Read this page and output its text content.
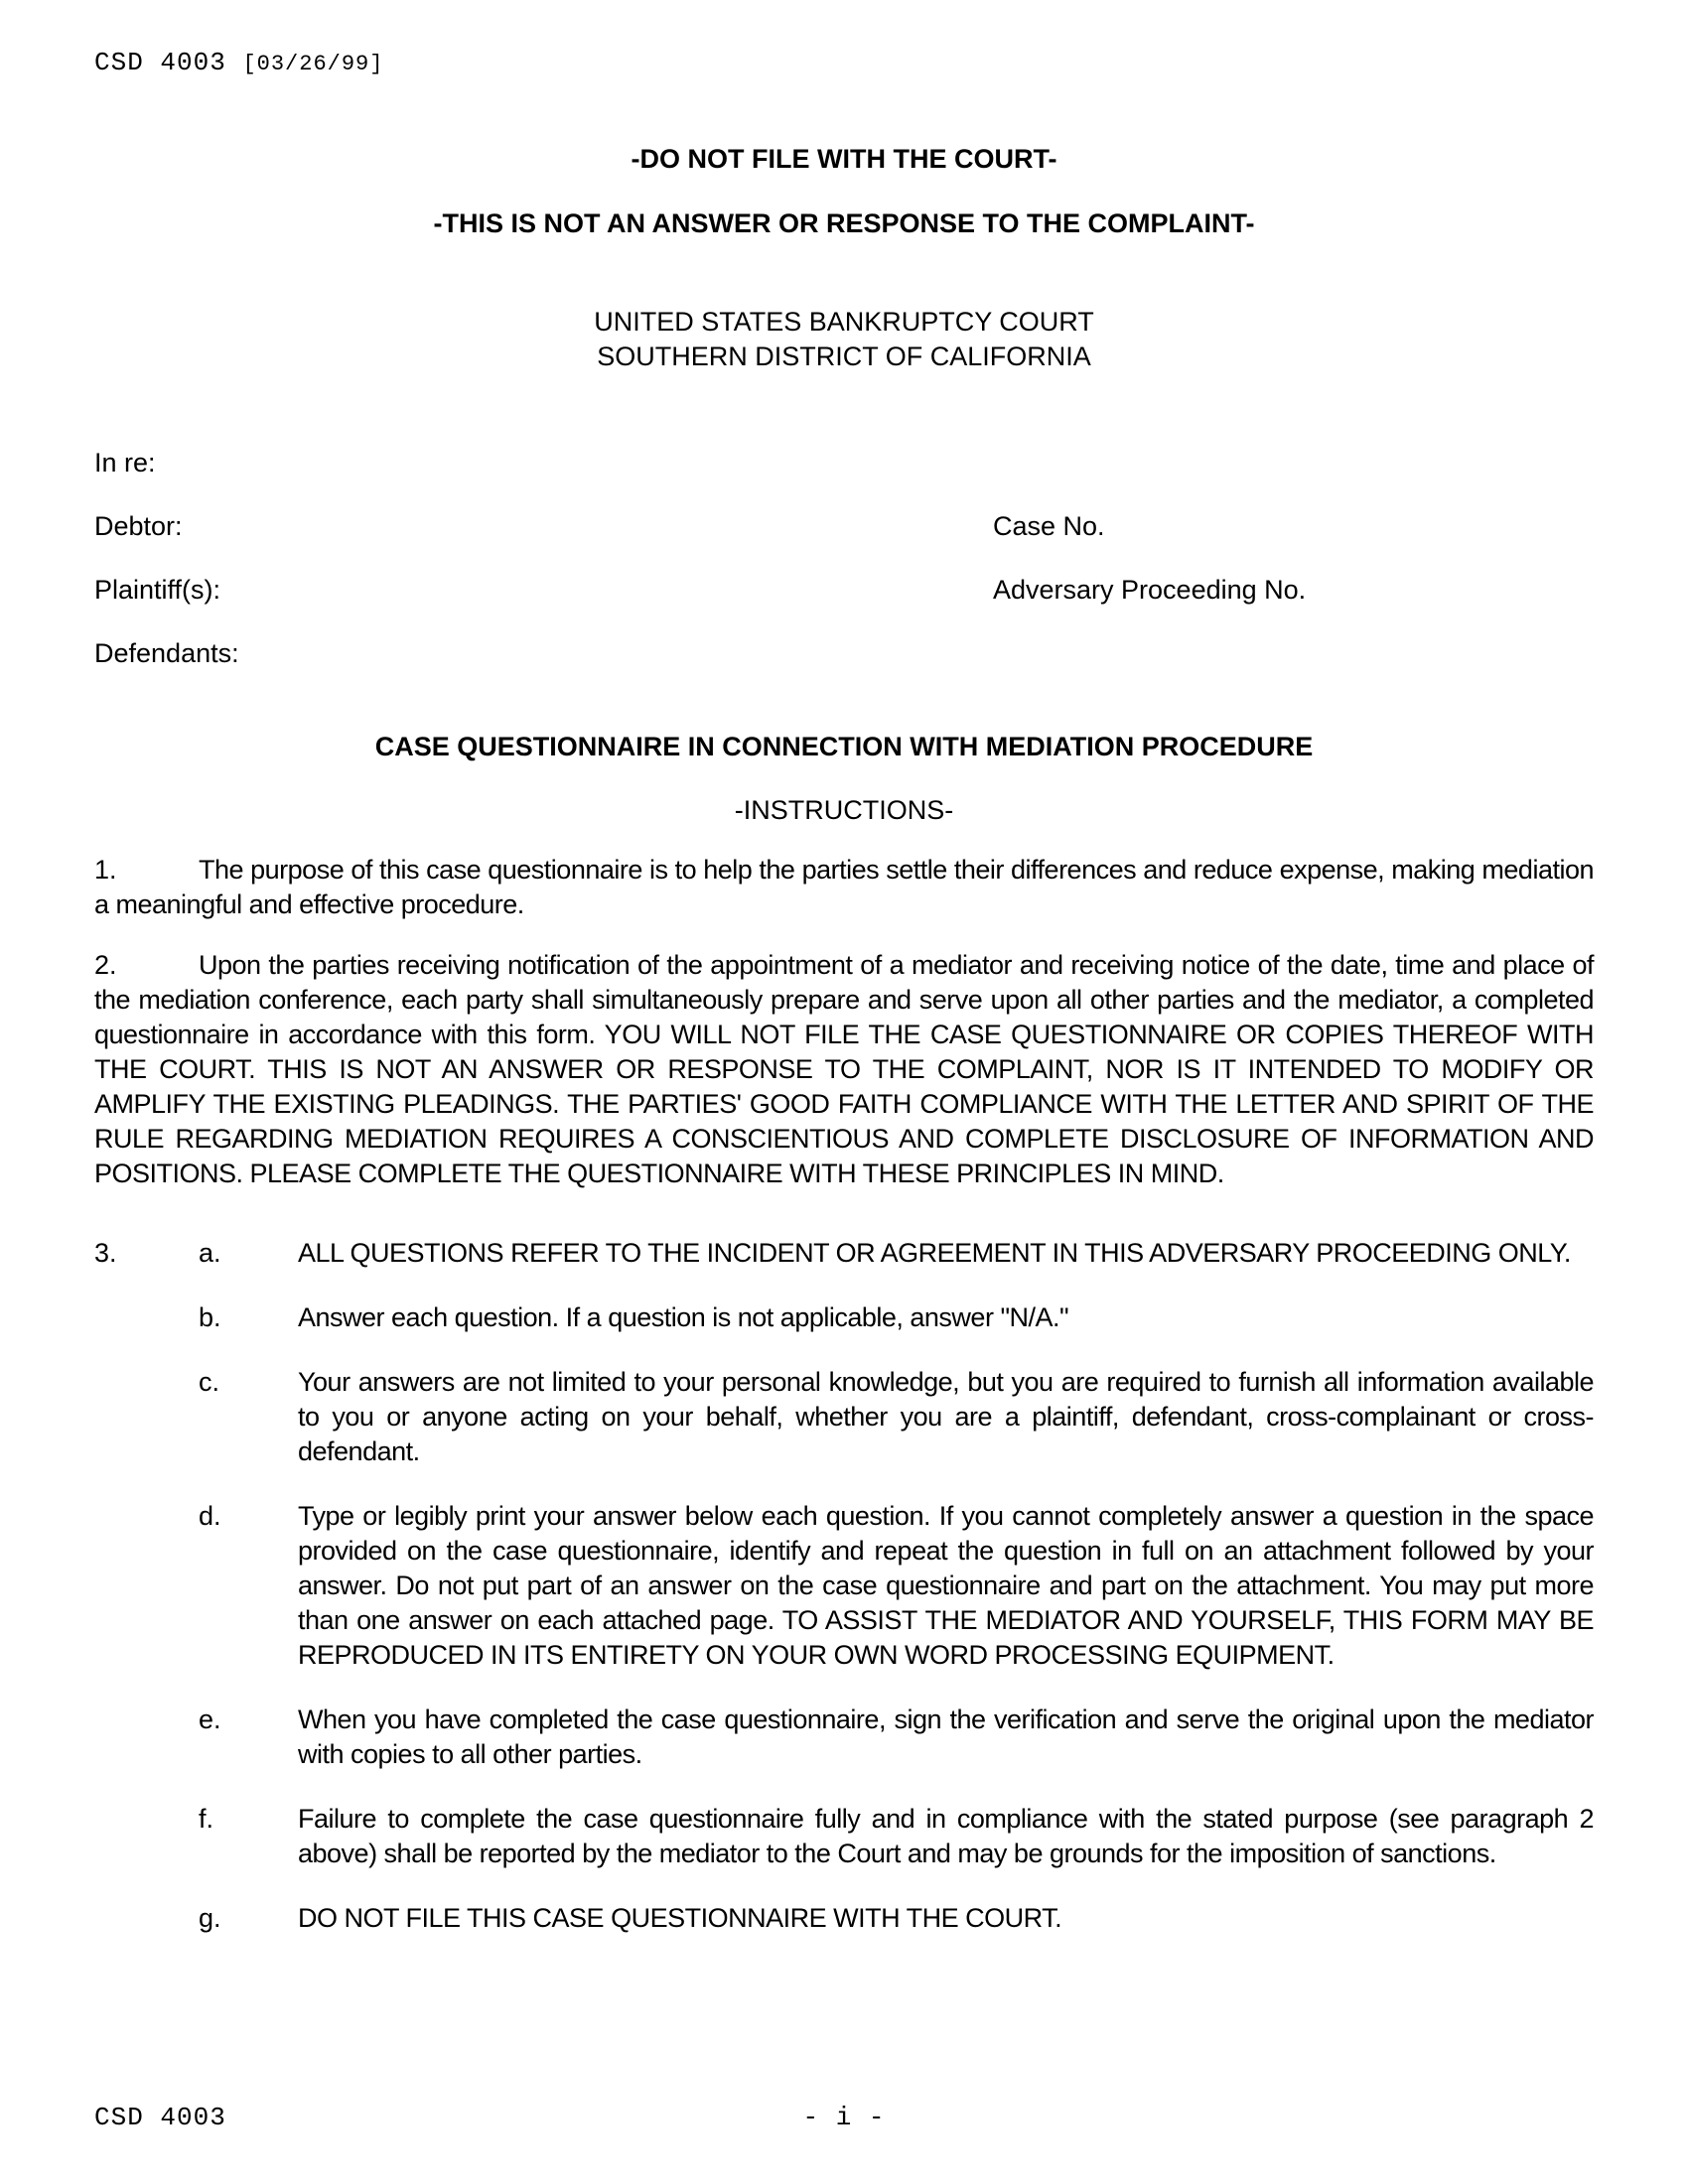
CSD 4003 [03/26/99]
-DO NOT FILE WITH THE COURT-
-THIS IS NOT AN ANSWER OR RESPONSE TO THE COMPLAINT-
UNITED STATES BANKRUPTCY COURT
SOUTHERN DISTRICT OF CALIFORNIA
In re:
Debtor:	Case No.
Plaintiff(s):	Adversary Proceeding No.
Defendants:
CASE QUESTIONNAIRE IN CONNECTION WITH MEDIATION PROCEDURE
-INSTRUCTIONS-
1.	The purpose of this case questionnaire is to help the parties settle their differences and reduce expense, making mediation a meaningful and effective procedure.
2.	Upon the parties receiving notification of the appointment of a mediator and receiving notice of the date, time and place of the mediation conference, each party shall simultaneously prepare and serve upon all other parties and the mediator, a completed questionnaire in accordance with this form. YOU WILL NOT FILE THE CASE QUESTIONNAIRE OR COPIES THEREOF WITH THE COURT. THIS IS NOT AN ANSWER OR RESPONSE TO THE COMPLAINT, NOR IS IT INTENDED TO MODIFY OR AMPLIFY THE EXISTING PLEADINGS. THE PARTIES' GOOD FAITH COMPLIANCE WITH THE LETTER AND SPIRIT OF THE RULE REGARDING MEDIATION REQUIRES A CONSCIENTIOUS AND COMPLETE DISCLOSURE OF INFORMATION AND POSITIONS. PLEASE COMPLETE THE QUESTIONNAIRE WITH THESE PRINCIPLES IN MIND.
3.	a.	ALL QUESTIONS REFER TO THE INCIDENT OR AGREEMENT IN THIS ADVERSARY PROCEEDING ONLY.
b.	Answer each question. If a question is not applicable, answer "N/A."
c.	Your answers are not limited to your personal knowledge, but you are required to furnish all information available to you or anyone acting on your behalf, whether you are a plaintiff, defendant, cross-complainant or cross-defendant.
d.	Type or legibly print your answer below each question. If you cannot completely answer a question in the space provided on the case questionnaire, identify and repeat the question in full on an attachment followed by your answer. Do not put part of an answer on the case questionnaire and part on the attachment. You may put more than one answer on each attached page. TO ASSIST THE MEDIATOR AND YOURSELF, THIS FORM MAY BE REPRODUCED IN ITS ENTIRETY ON YOUR OWN WORD PROCESSING EQUIPMENT.
e.	When you have completed the case questionnaire, sign the verification and serve the original upon the mediator with copies to all other parties.
f.	Failure to complete the case questionnaire fully and in compliance with the stated purpose (see paragraph 2 above) shall be reported by the mediator to the Court and may be grounds for the imposition of sanctions.
g.	DO NOT FILE THIS CASE QUESTIONNAIRE WITH THE COURT.
- i -
CSD 4003
